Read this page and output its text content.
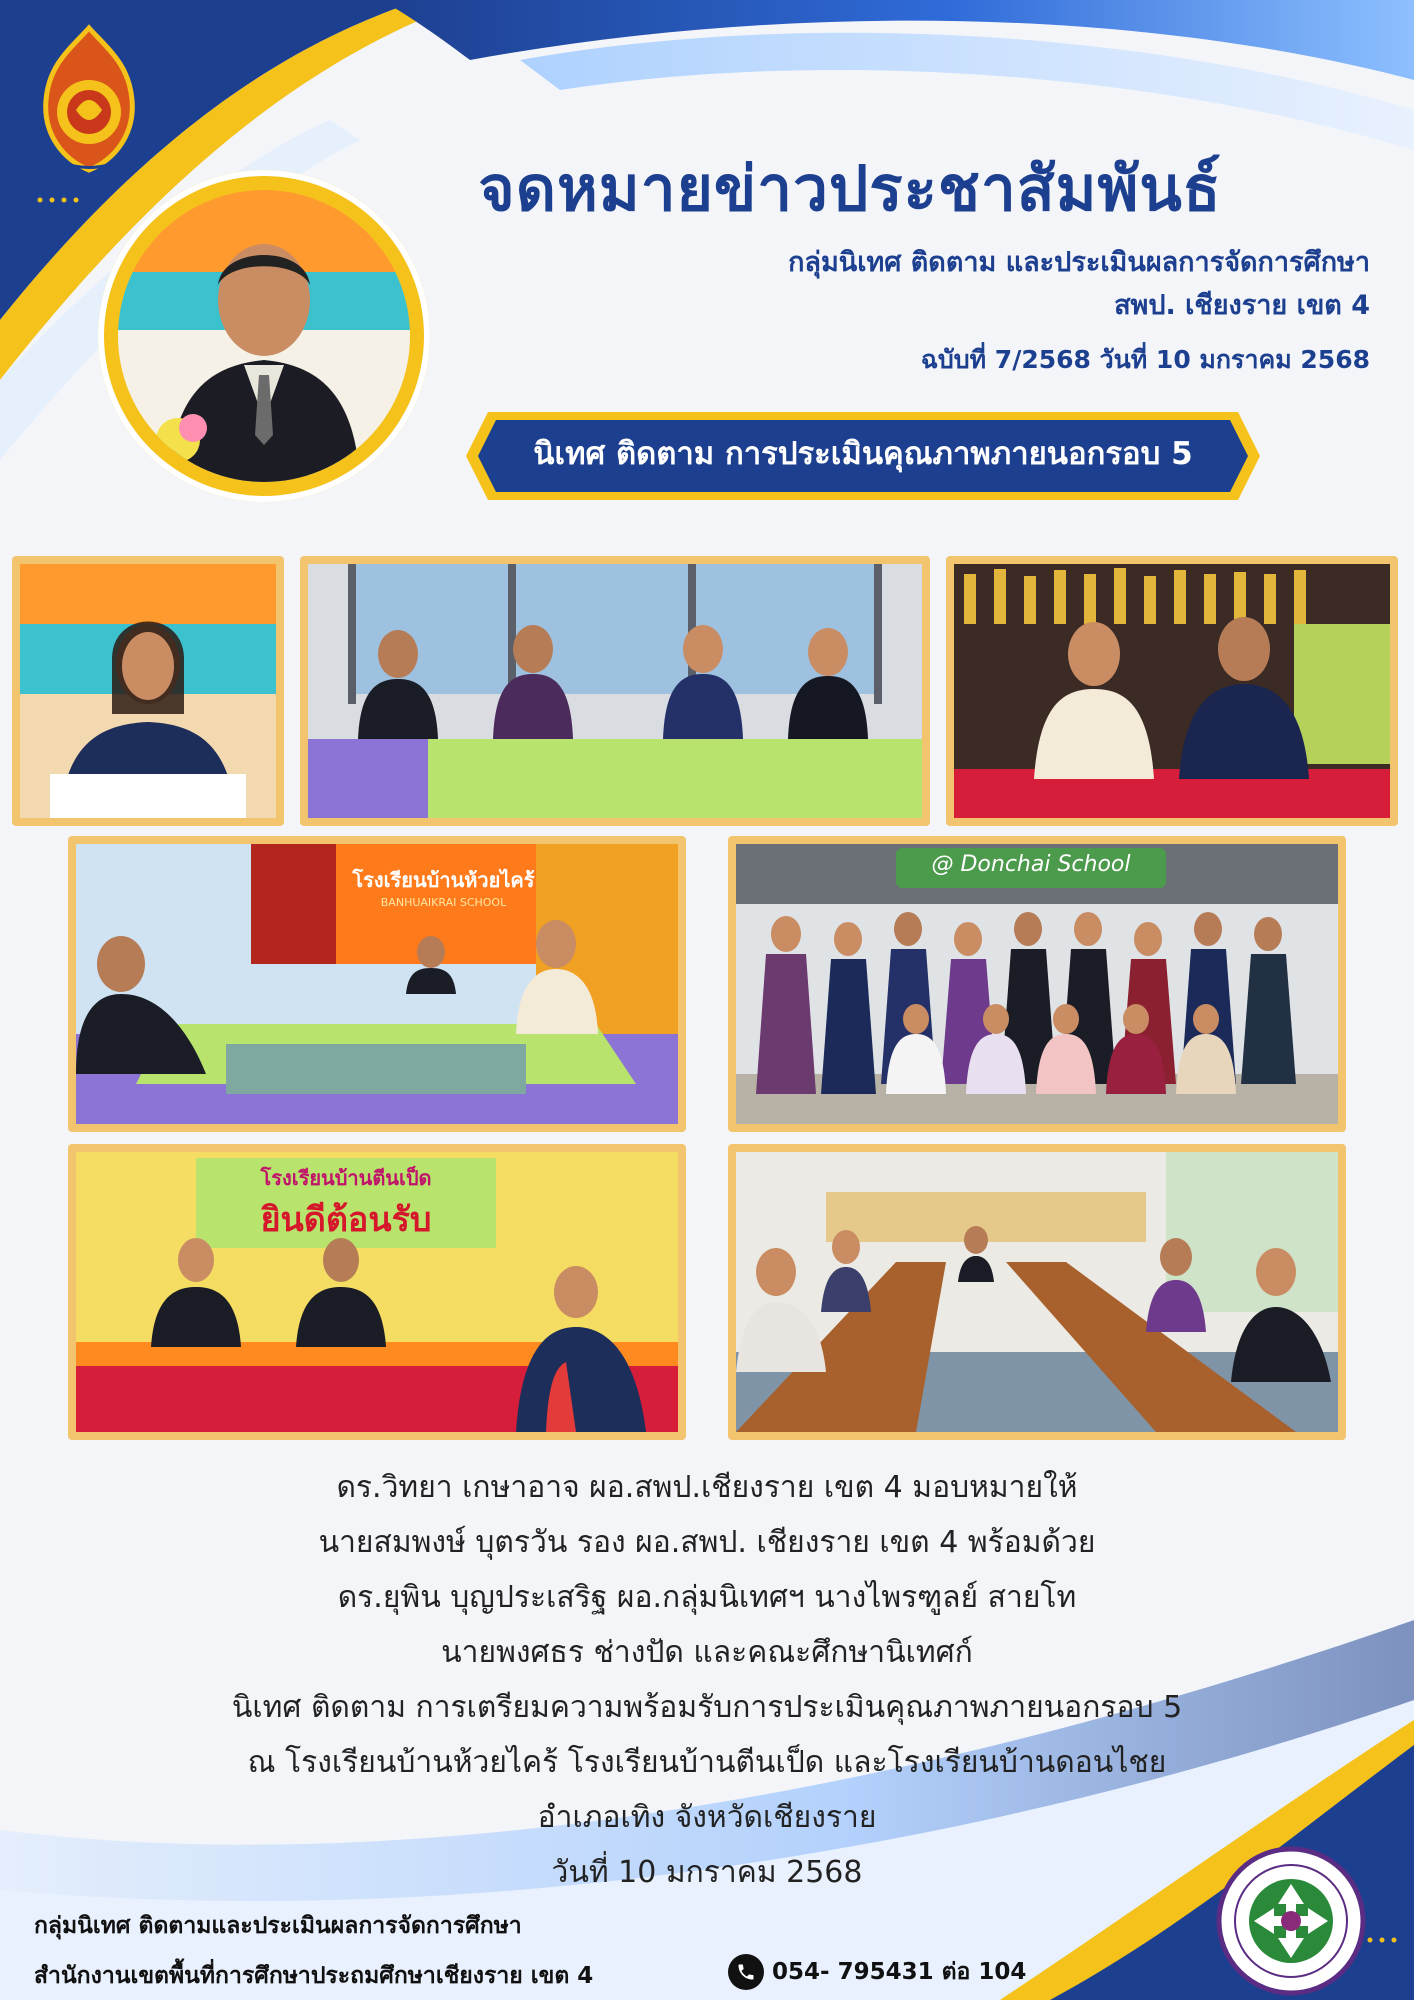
จดหมายข่าวประชาสัมพันธ์
กลุ่มนิเทศ ติดตาม และประเมินผลการจัดการศึกษา
สพป. เชียงราย เขต 4
ฉบับที่ 7/2568 วันที่ 10 มกราคม 2568
นิเทศ ติดตาม การประเมินคุณภาพภายนอกรอบ 5
โรงเรียนบ้านห้วยไคร้
BANHUAIKRAI SCHOOL
@ Donchai School
โรงเรียนบ้านตีนเป็ด
ยินดีต้อนรับ
ดร.วิทยา เกษาอาจ ผอ.สพป.เชียงราย เขต 4 มอบหมายให้
นายสมพงษ์ บุตรวัน รอง ผอ.สพป. เชียงราย เขต 4 พร้อมด้วย
ดร.ยุพิน บุญประเสริฐ ผอ.กลุ่มนิเทศฯ นางไพรฑูลย์ สายโท
นายพงศธร ช่างปัด และคณะศึกษานิเทศก์
นิเทศ ติดตาม การเตรียมความพร้อมรับการประเมินคุณภาพภายนอกรอบ 5
ณ โรงเรียนบ้านห้วยไคร้ โรงเรียนบ้านตีนเป็ด และโรงเรียนบ้านดอนไชย
อำเภอเทิง จังหวัดเชียงราย
วันที่ 10 มกราคม 2568
กลุ่มนิเทศ ติดตามและประเมินผลการจัดการศึกษา
สำนักงานเขตพื้นที่การศึกษาประถมศึกษาเชียงราย เขต 4	054- 795431 ต่อ 104
